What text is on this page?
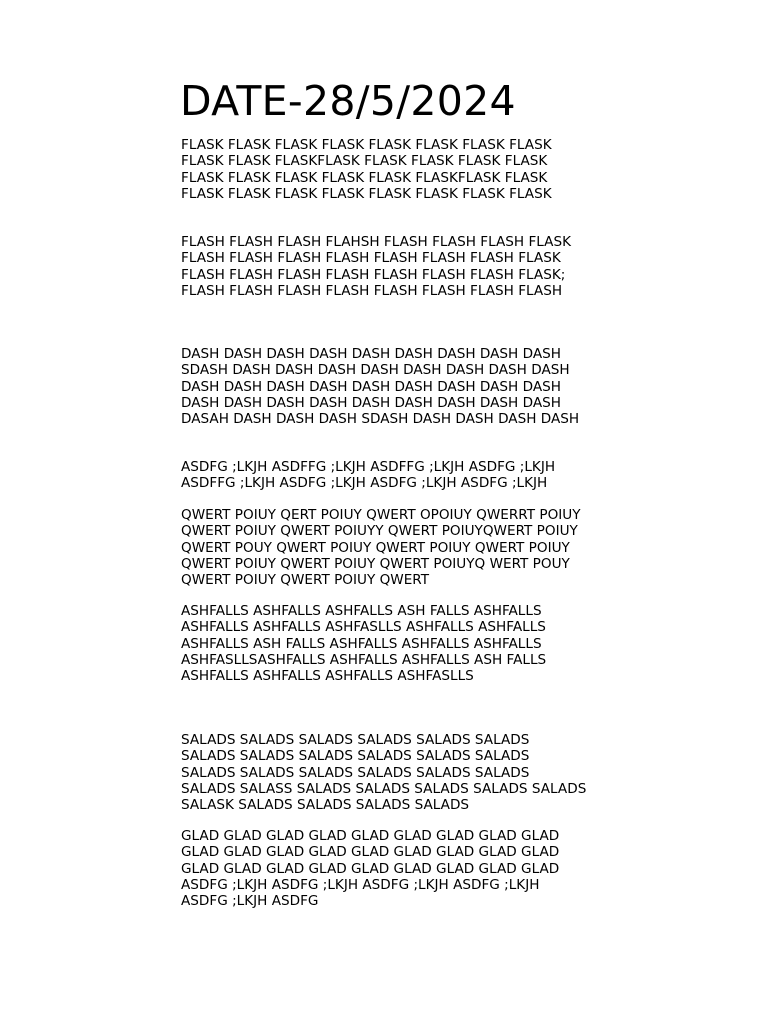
DATE-28/5/2024
FLASK FLASK FLASK FLASK FLASK FLASK FLASK FLASK
FLASK FLASK FLASKFLASK FLASK FLASK FLASK FLASK
FLASK FLASK FLASK FLASK FLASK FLASKFLASK FLASK
FLASK FLASK FLASK FLASK FLASK FLASK FLASK FLASK
FLASH FLASH FLASH FLAHSH FLASH FLASH FLASH FLASK
FLASH FLASH FLASH FLASH FLASH FLASH FLASH FLASK
FLASH FLASH FLASH FLASH FLASH FLASH FLASH FLASK;
FLASH FLASH FLASH FLASH FLASH FLASH FLASH FLASH
DASH DASH DASH DASH DASH DASH DASH DASH DASH
SDASH DASH DASH DASH DASH DASH DASH DASH DASH
DASH DASH DASH DASH DASH DASH DASH DASH DASH
DASH DASH DASH DASH DASH DASH DASH DASH DASH
DASAH DASH DASH DASH SDASH DASH DASH DASH DASH
ASDFG ;LKJH ASDFFG ;LKJH ASDFFG ;LKJH ASDFG ;LKJH
ASDFFG ;LKJH ASDFG ;LKJH ASDFG ;LKJH ASDFG ;LKJH
QWERT POIUY QERT POIUY QWERT OPOIUY QWERRT POIUY
QWERT POIUY QWERT POIUYY QWERT POIUYQWERT POIUY
QWERT POUY QWERT POIUY QWERT POIUY QWERT POIUY
QWERT POIUY QWERT POIUY QWERT POIUYQ WERT POUY
QWERT POIUY QWERT POIUY QWERT
ASHFALLS ASHFALLS ASHFALLS ASH FALLS ASHFALLS
ASHFALLS ASHFALLS ASHFASLLS ASHFALLS ASHFALLS
ASHFALLS ASH FALLS ASHFALLS ASHFALLS ASHFALLS
ASHFASLLSASHFALLS ASHFALLS ASHFALLS ASH FALLS
ASHFALLS ASHFALLS ASHFALLS ASHFASLLS
SALADS SALADS SALADS SALADS SALADS SALADS
SALADS SALADS SALADS SALADS SALADS SALADS
SALADS SALADS SALADS SALADS SALADS SALADS
SALADS SALASS SALADS SALADS SALADS SALADS SALADS
SALASK SALADS SALADS SALADS SALADS
GLAD GLAD GLAD GLAD GLAD GLAD GLAD GLAD GLAD
GLAD GLAD GLAD GLAD GLAD GLAD GLAD GLAD GLAD
GLAD GLAD GLAD GLAD GLAD GLAD GLAD GLAD GLAD
ASDFG ;LKJH ASDFG ;LKJH ASDFG ;LKJH ASDFG ;LKJH
ASDFG ;LKJH ASDFG
